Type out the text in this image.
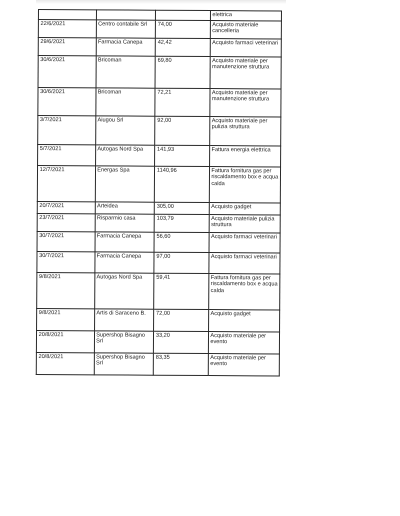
			elettrica
22/6/2021	Centro contabile Srl	74,00	Acquisto materiale cancelleria
29/6/2021	Farmacia Canepa	42,42	Acquisto farmaci veterinari
30/6/2021	Bricoman	69,80	Acquisto materiale per manutenzione struttura
30/6/2021	Bricoman	72,21	Acquisto materiale per manutenzione struttura
3/7/2021	Aiugou Srl	92,00	Acquisto materiale per pulizia struttura
5/7/2021	Autogas Nord Spa	141,93	Fattura energia elettrica
12/7/2021	Energas Spa	1140,96	Fattura fornitura gas per riscaldamento box e acqua calda
20/7/2021	Arteidea	305,00	Acquisto gadget
23/7/2021	Risparmio casa	103,79	Acquisto materiale pulizia struttura
30/7/2021	Farmacia Canepa	56,60	Acquisto farmaci veterinari
30/7/2021	Farmacia Canepa	97,00	Acquisto farmaci veterinari
9/8/2021	Autogas Nord Spa	59,41	Fattura fornitura gas per riscaldamento box e acqua calda
9/8/2021	Artis di Saraceno B.	72,00	Acquisto gadget
20/8/2021	Supershop Bisagno Srl	33,20	Acquisto materiale per evento
20/8/2021	Supershop Bisagno Srl	83,35	Acquisto materiale per evento
